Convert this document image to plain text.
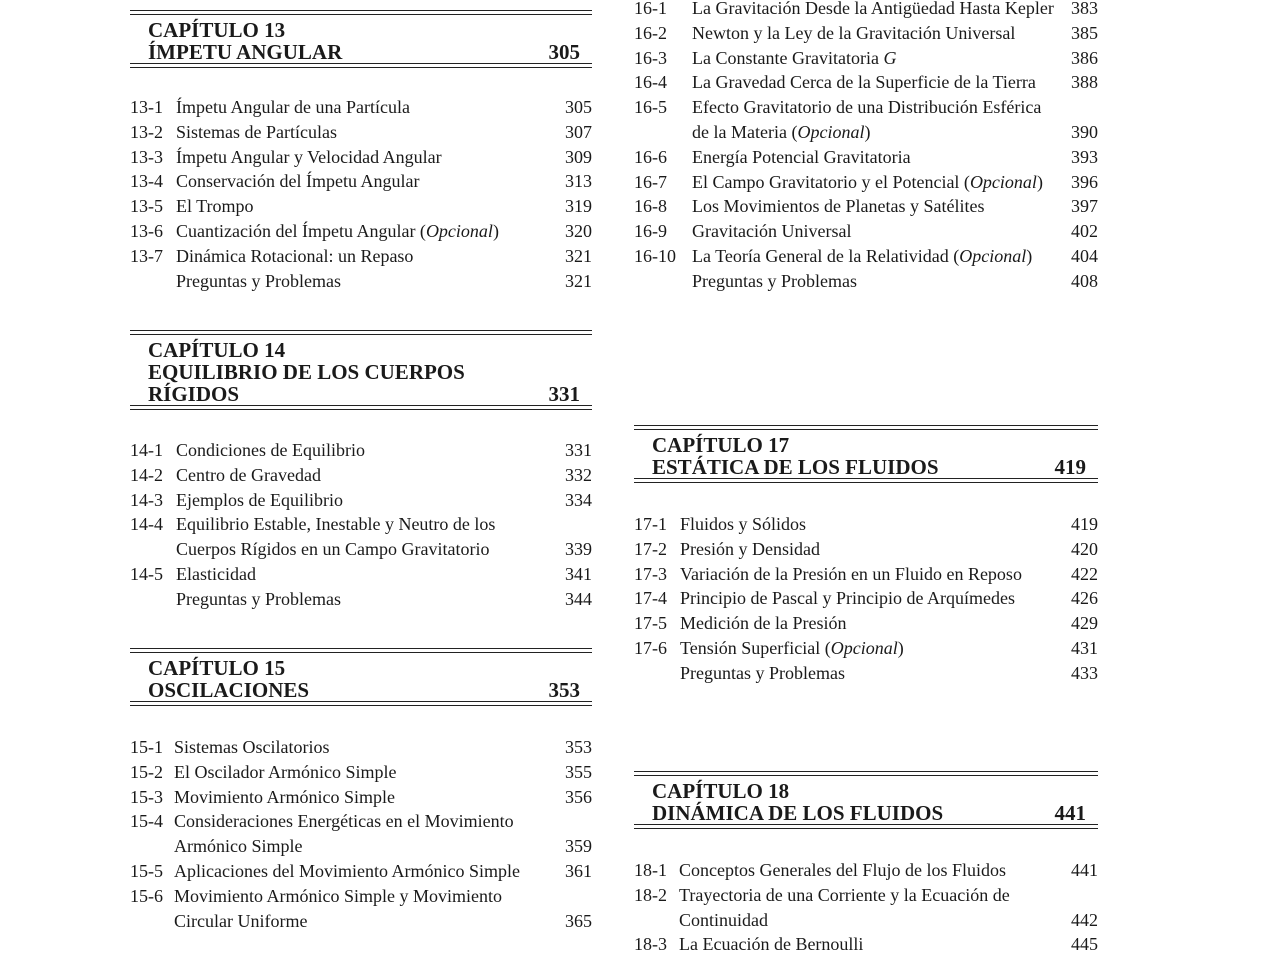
CAPÍTULO 13
ÍMPETU ANGULAR	305
13-1 Ímpetu Angular de una Partícula	305
13-2 Sistemas de Partículas	307
13-3 Ímpetu Angular y Velocidad Angular	309
13-4 Conservación del Ímpetu Angular	313
13-5 El Trompo	319
13-6 Cuantización del Ímpetu Angular (Opcional)	320
13-7 Dinámica Rotacional: un Repaso	321
Preguntas y Problemas	321
CAPÍTULO 14
EQUILIBRIO DE LOS CUERPOS
RÍGIDOS	331
14-1 Condiciones de Equilibrio	331
14-2 Centro de Gravedad	332
14-3 Ejemplos de Equilibrio	334
14-4 Equilibrio Estable, Inestable y Neutro de los Cuerpos Rígidos en un Campo Gravitatorio	339
14-5 Elasticidad	341
Preguntas y Problemas	344
CAPÍTULO 15
OSCILACIONES	353
15-1 Sistemas Oscilatorios	353
15-2 El Oscilador Armónico Simple	355
15-3 Movimiento Armónico Simple	356
15-4 Consideraciones Energéticas en el Movimiento Armónico Simple	359
15-5 Aplicaciones del Movimiento Armónico Simple	361
15-6 Movimiento Armónico Simple y Movimiento Circular Uniforme	365
16-1	La Gravitación Desde la Antigüedad Hasta Kepler 383
16-2	Newton y la Ley de la Gravitación Universal	385
16-3	La Constante Gravitatoria G	386
16-4	La Gravedad Cerca de la Superficie de la Tierra	388
16-5	Efecto Gravitatorio de una Distribución Esférica de la Materia (Opcional)	390
16-6	Energía Potencial Gravitatoria	393
16-7	El Campo Gravitatorio y el Potencial (Opcional)	396
16-8	Los Movimientos de Planetas y Satélites	397
16-9	Gravitación Universal	402
16-10 La Teoría General de la Relatividad (Opcional)	404
Preguntas y Problemas	408
CAPÍTULO 17
ESTÁTICA DE LOS FLUIDOS	419
17-1 Fluidos y Sólidos	419
17-2 Presión y Densidad	420
17-3 Variación de la Presión en un Fluido en Reposo	422
17-4 Principio de Pascal y Principio de Arquímedes	426
17-5 Medición de la Presión	429
17-6 Tensión Superficial (Opcional)	431
Preguntas y Problemas	433
CAPÍTULO 18
DINÁMICA DE LOS FLUIDOS	441
18-1 Conceptos Generales del Flujo de los Fluidos	441
18-2 Trayectoria de una Corriente y la Ecuación de Continuidad	442
18-3 La Ecuación de Bernoulli	445
